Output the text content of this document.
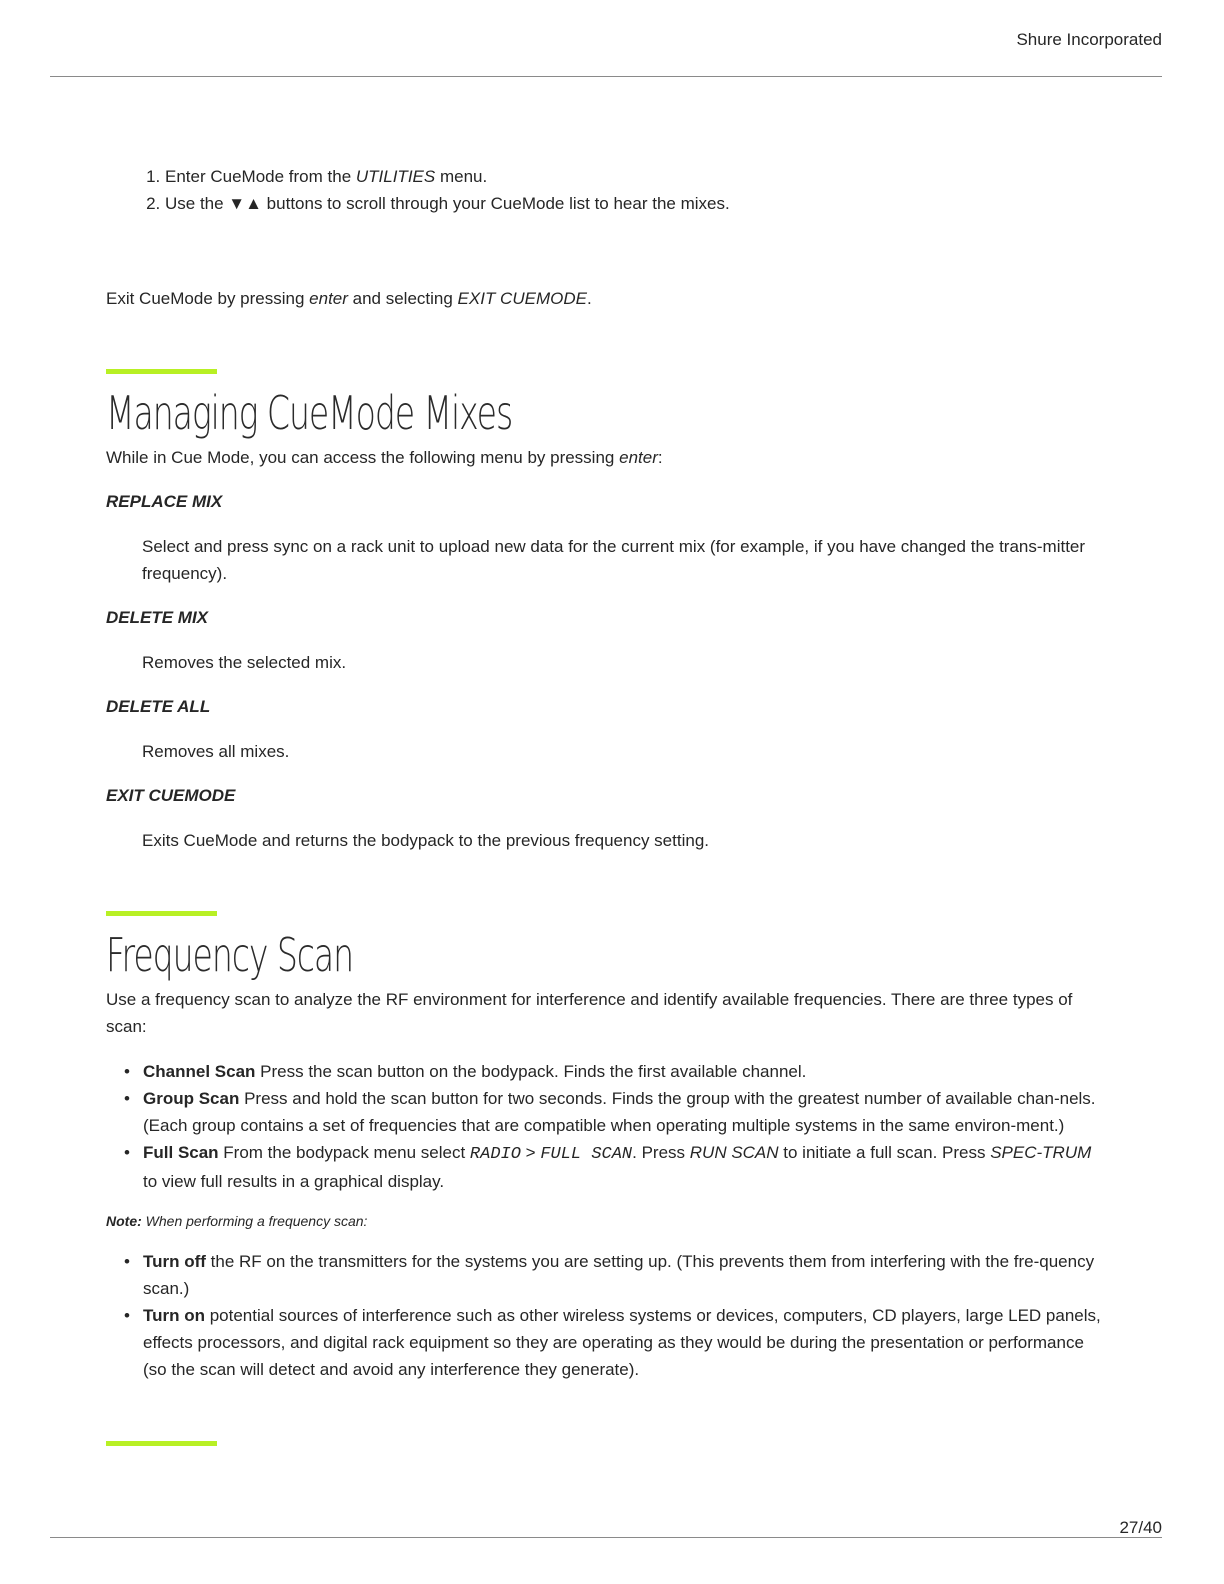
Shure Incorporated
1. Enter CueMode from the UTILITIES menu.
2. Use the ▼▲ buttons to scroll through your CueMode list to hear the mixes.

Exit CueMode by pressing enter and selecting EXIT CUEMODE.

Managing CueMode Mixes

While in Cue Mode, you can access the following menu by pressing enter:

REPLACE MIX

Select and press sync on a rack unit to upload new data for the current mix (for example, if you have changed the trans-mitter frequency).

DELETE MIX

Removes the selected mix.

DELETE ALL

Removes all mixes.

EXIT CUEMODE

Exits CueMode and returns the bodypack to the previous frequency setting.

Frequency Scan

Use a frequency scan to analyze the RF environment for interference and identify available frequencies. There are three types of scan:

• Channel Scan Press the scan button on the bodypack. Finds the first available channel.
• Group Scan Press and hold the scan button for two seconds. Finds the group with the greatest number of available chan-nels. (Each group contains a set of frequencies that are compatible when operating multiple systems in the same environ-ment.)
• Full Scan From the bodypack menu select RADIO > FULL SCAN. Press RUN SCAN to initiate a full scan. Press SPEC-TRUM to view full results in a graphical display.

Note: When performing a frequency scan:

• Turn off the RF on the transmitters for the systems you are setting up. (This prevents them from interfering with the fre-quency scan.)
• Turn on potential sources of interference such as other wireless systems or devices, computers, CD players, large LED panels, effects processors, and digital rack equipment so they are operating as they would be during the presentation or performance (so the scan will detect and avoid any interference they generate).
27/40
